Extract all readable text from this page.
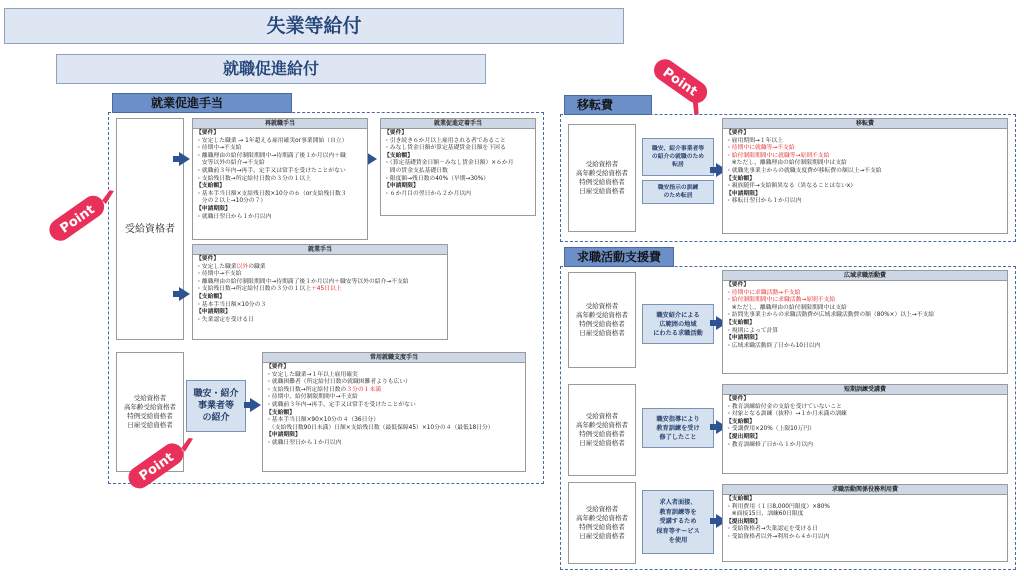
失業等給付
就職促進給付
就業促進手当
受給資格者
再就職手当
【要件】
・安定した職業 → 1年超える雇用確実or事業開始（自立）
・待期中→不支給
・離職理由の給付制限期間中→待期満了後１か月以内＋職
　安等以外の紹介→不支給
・就職前３年内→再手、定手又は常手を受けたことがない
・支給残日数→所定給付日数の３分の１以上
【支給額】
・基本手当日額×支給残日数×10分の６（or支給残日数３
　分の２以上→10分の７）
【申請期限】
・就職日翌日から１か月以内
就業促進定着手当
【要件】
・引き続き６か月以上雇用される者であること
・みなし賃金日額が算定基礎賃金日額を下回る
【支給額】
・（算定基礎賃金日額－みなし賃金日額）×６か月
　間の賃金支払基礎日数
・限度額→残日数の40%（早期→30%）
【申請期限】
・６か月目の翌日から２か月以内
就業手当
【要件】
・安定した職業以外の職業
・待期中→不支給
・離職理由の給付制限期間中→待期満了後１か月以内＋職安等以外の紹介→不支給
・支給残日数→所定給付日数の３分の１以上＋45日以上
【支給額】
・基本手当日額×10分の３
【申請期限】
・失業認定を受ける日
受給資格者
高年齢受給資格者
特例受給資格者
日雇受給資格者
職安・紹介
事業者等
の紹介
常用就職支度手当
【要件】
・安定した職業→１年以上雇用確実
・就職困難者（所定給付日数の就職困難者よりも広い）
・支給残日数→所定給付日数の３分の１未満
・待期中、給付制限期間中→不支給
・就職前３年内→再手、定手又は常手を受けたことがない
【支給額】
・基本手当日額×90×10分の４（36日分）
　（支給残日数90日未満）日額×支給残日数（最低保障45）×10分の４（最低18日分）
【申請期限】
・就職日翌日から１か月以内
移転費
受給資格者
高年齢受給資格者
特例受給資格者
日雇受給資格者
職安、紹介事業者等
の紹介の就職のため
転居
職安指示の訓練
のため転居
移転費
【要件】
・雇用期間→１年以上
・待期中に就職等→不支給
・給付制限期間中に就職等→原則不支給
　※ただし、離職理由の給付制限期間中は支給
・就職先事業主からの就職支度費が移転費の額以上→不支給
【支給額】
・親族随伴→支給額異なる（異なることはないx）
【申請期限】
・移転日翌日から１か月以内
求職活動支援費
受給資格者
高年齢受給資格者
特例受給資格者
日雇受給資格者
職安紹介による
広範囲の地域
にわたる求職活動
広域求職活動費
【要件】
・待期中に求職活動→不支給
・給付制限期間中に求職活動→原則不支給
　※ただし、離職理由の給付制限期間中は支給
・訪問先事業主からの求職活動費が広域求職活動費の額（80%×）以上→不支給
【支給額】
・規則によって計算
【申請期限】
・広域求職活動終了日から10日以内
受給資格者
高年齢受給資格者
特例受給資格者
日雇受給資格者
職安指導により
教育訓練を受け
修了したこと
短期訓練受講費
【要件】
・教育訓練給付金の支給を受けていないこと
・対象となる訓練（抜粋）→１か月未満の訓練
【支給額】
・受講費用×20%（上限10万円）
【提出期限】
・教育訓練修了日から１か月以内
受給資格者
高年齢受給資格者
特例受給資格者
日雇受給資格者
求人者面接、
教育訓練等を
受講するため
保育等サービス
を使用
求職活動関係役務利用費
【支給額】
・利用費用（１日8,000円限度）×80%
　※面接15日、訓練60日限度
【提出期限】
・受給資格者→失業認定を受ける日
・受給資格者以外→利用から４か月以内
Point
Point
Point
